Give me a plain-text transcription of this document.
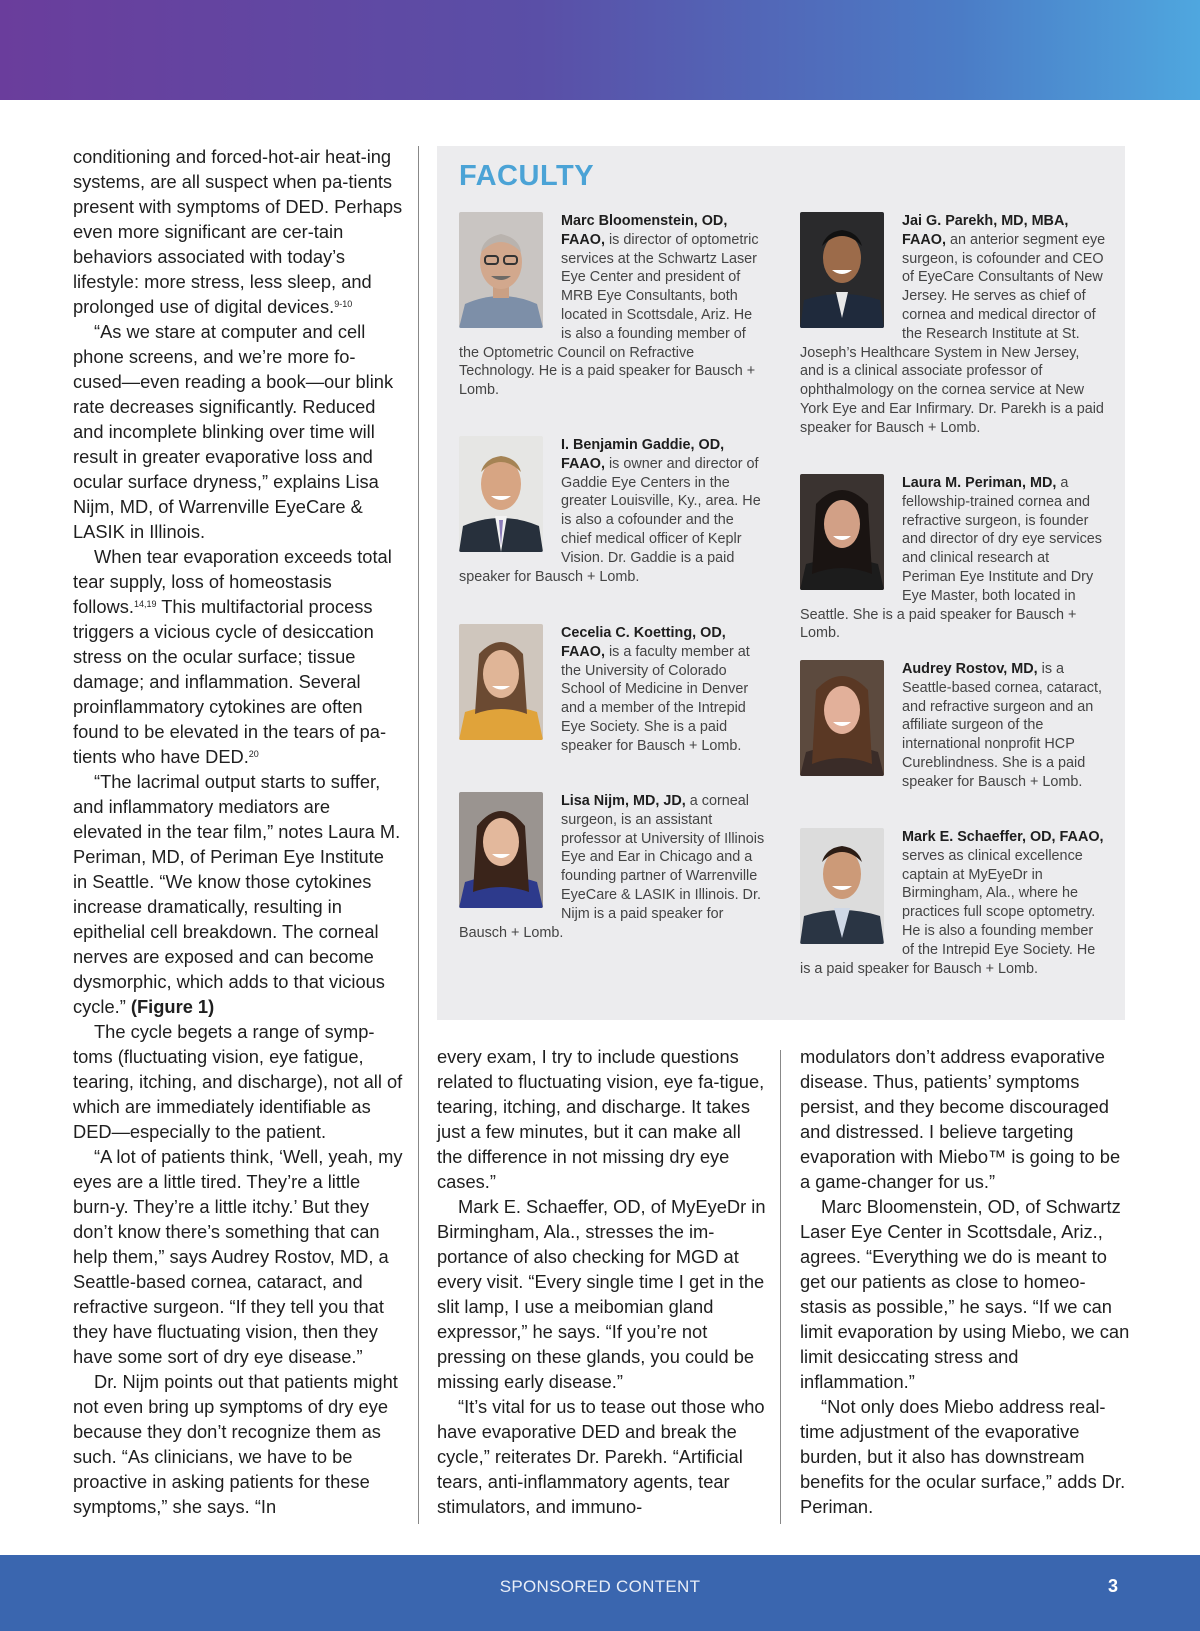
conditioning and forced-hot-air heat-ing systems, are all suspect when pa-tients present with symptoms of DED. Perhaps even more significant are cer-tain behaviors associated with today’s lifestyle: more stress, less sleep, and prolonged use of digital devices.$^{9-10}$

“As we stare at computer and cell phone screens, and we’re more fo-cused—even reading a book—our blink rate decreases significantly. Reduced and incomplete blinking over time will result in greater evaporative loss and ocular surface dryness,” explains Lisa Nijm, MD, of Warrenville EyeCare & LASIK in Illinois.

When tear evaporation exceeds total tear supply, loss of homeostasis follows.$^{14,19}$ This multifactorial process triggers a vicious cycle of desiccation stress on the ocular surface; tissue damage; and inflammation. Several proinflammatory cytokines are often found to be elevated in the tears of pa-tients who have DED.$^{20}$

“The lacrimal output starts to suffer, and inflammatory mediators are elevated in the tear film,” notes Laura M. Periman, MD, of Periman Eye Institute in Seattle. “We know those cytokines increase dramatically, resulting in epithelial cell breakdown. The corneal nerves are exposed and can become dysmorphic, which adds to that vicious cycle.” (Figure 1)

The cycle begets a range of symp-toms (fluctuating vision, eye fatigue, tearing, itching, and discharge), not all of which are immediately identifiable as DED—especially to the patient.

“A lot of patients think, ‘Well, yeah, my eyes are a little tired. They’re a little burn-y. They’re a little itchy.’ But they don’t know there’s something that can help them,” says Audrey Rostov, MD, a Seattle-based cornea, cataract, and refractive surgeon. “If they tell you that they have fluctuating vision, then they have some sort of dry eye disease.”

Dr. Nijm points out that patients might not even bring up symptoms of dry eye because they don’t recognize them as such. “As clinicians, we have to be proactive in asking patients for these symptoms,” she says. “In

FACULTY
Marc Bloomenstein, OD, FAAO, is director of optometric services at the Schwartz Laser Eye Center and president of MRB Eye Consultants, both located in Scottsdale, Ariz. He is also a founding member of the Optometric Council on Refractive Technology. He is a paid speaker for Bausch + Lomb.
I. Benjamin Gaddie, OD, FAAO, is owner and director of Gaddie Eye Centers in the greater Louisville, Ky., area. He is also a cofounder and the chief medical officer of Keplr Vision. Dr. Gaddie is a paid speaker for Bausch + Lomb.
Cecelia C. Koetting, OD, FAAO, is a faculty member at the University of Colorado School of Medicine in Denver and a member of the Intrepid Eye Society. She is a paid speaker for Bausch + Lomb.
Lisa Nijm, MD, JD, a corneal surgeon, is an assistant professor at University of Illinois Eye and Ear in Chicago and a founding partner of Warrenville EyeCare & LASIK in Illinois. Dr. Nijm is a paid speaker for Bausch + Lomb.
Jai G. Parekh, MD, MBA, FAAO, an anterior segment eye surgeon, is cofounder and CEO of EyeCare Consultants of New Jersey. He serves as chief of cornea and medical director of the Research Institute at St. Joseph’s Healthcare System in New Jersey, and is a clinical associate professor of ophthalmology on the cornea service at New York Eye and Ear Infirmary. Dr. Parekh is a paid speaker for Bausch + Lomb.
Laura M. Periman, MD, a fellowship-trained cornea and refractive surgeon, is founder and director of dry eye services and clinical research at Periman Eye Institute and Dry Eye Master, both located in Seattle. She is a paid speaker for Bausch + Lomb.
Audrey Rostov, MD, is a Seattle-based cornea, cataract, and refractive surgeon and an affiliate surgeon of the international nonprofit HCP Cureblindness. She is a paid speaker for Bausch + Lomb.
Mark E. Schaeffer, OD, FAAO, serves as clinical excellence captain at MyEyeDr in Birmingham, Ala., where he practices full scope optometry. He is also a founding member of the Intrepid Eye Society. He is a paid speaker for Bausch + Lomb.

every exam, I try to include questions related to fluctuating vision, eye fa-tigue, tearing, itching, and discharge. It takes just a few minutes, but it can make all the difference in not missing dry eye cases.”

Mark E. Schaeffer, OD, of MyEyeDr in Birmingham, Ala., stresses the im-portance of also checking for MGD at every visit. “Every single time I get in the slit lamp, I use a meibomian gland expressor,” he says. “If you’re not pressing on these glands, you could be missing early disease.”

“It’s vital for us to tease out those who have evaporative DED and break the cycle,” reiterates Dr. Parekh. “Artificial tears, anti-inflammatory agents, tear stimulators, and immuno-

modulators don’t address evaporative disease. Thus, patients’ symptoms persist, and they become discouraged and distressed. I believe targeting evaporation with Miebo™ is going to be a game-changer for us.”

Marc Bloomenstein, OD, of Schwartz Laser Eye Center in Scottsdale, Ariz., agrees. “Everything we do is meant to get our patients as close to homeo-stasis as possible,” he says. “If we can limit evaporation by using Miebo, we can limit desiccating stress and inflammation.”

“Not only does Miebo address real-time adjustment of the evaporative burden, but it also has downstream benefits for the ocular surface,” adds Dr. Periman.

SPONSORED CONTENT	3
